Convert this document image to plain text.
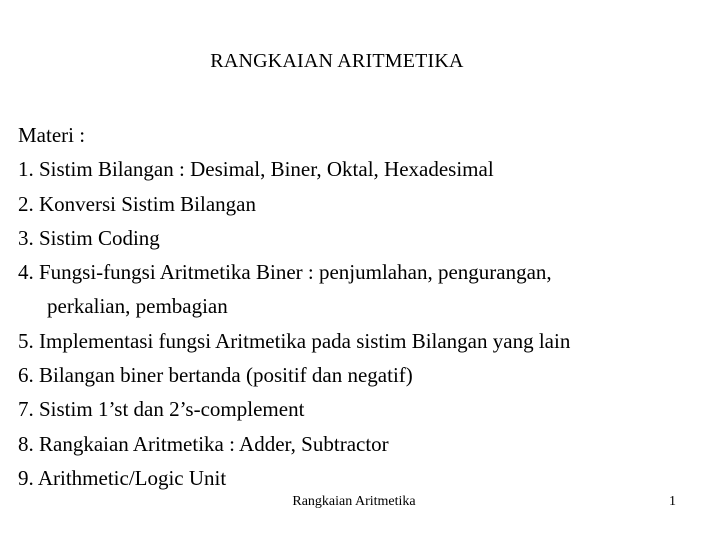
RANGKAIAN ARITMETIKA
Materi :
1. Sistim Bilangan : Desimal, Biner, Oktal, Hexadesimal
2. Konversi Sistim Bilangan
3. Sistim Coding
4. Fungsi-fungsi Aritmetika Biner : penjumlahan, pengurangan,
perkalian, pembagian
5. Implementasi fungsi Aritmetika pada sistim Bilangan yang lain
6. Bilangan biner bertanda (positif dan negatif)
7. Sistim 1’st dan 2’s-complement
8. Rangkaian Aritmetika : Adder, Subtractor
9. Arithmetic/Logic Unit
Rangkaian Aritmetika	1
